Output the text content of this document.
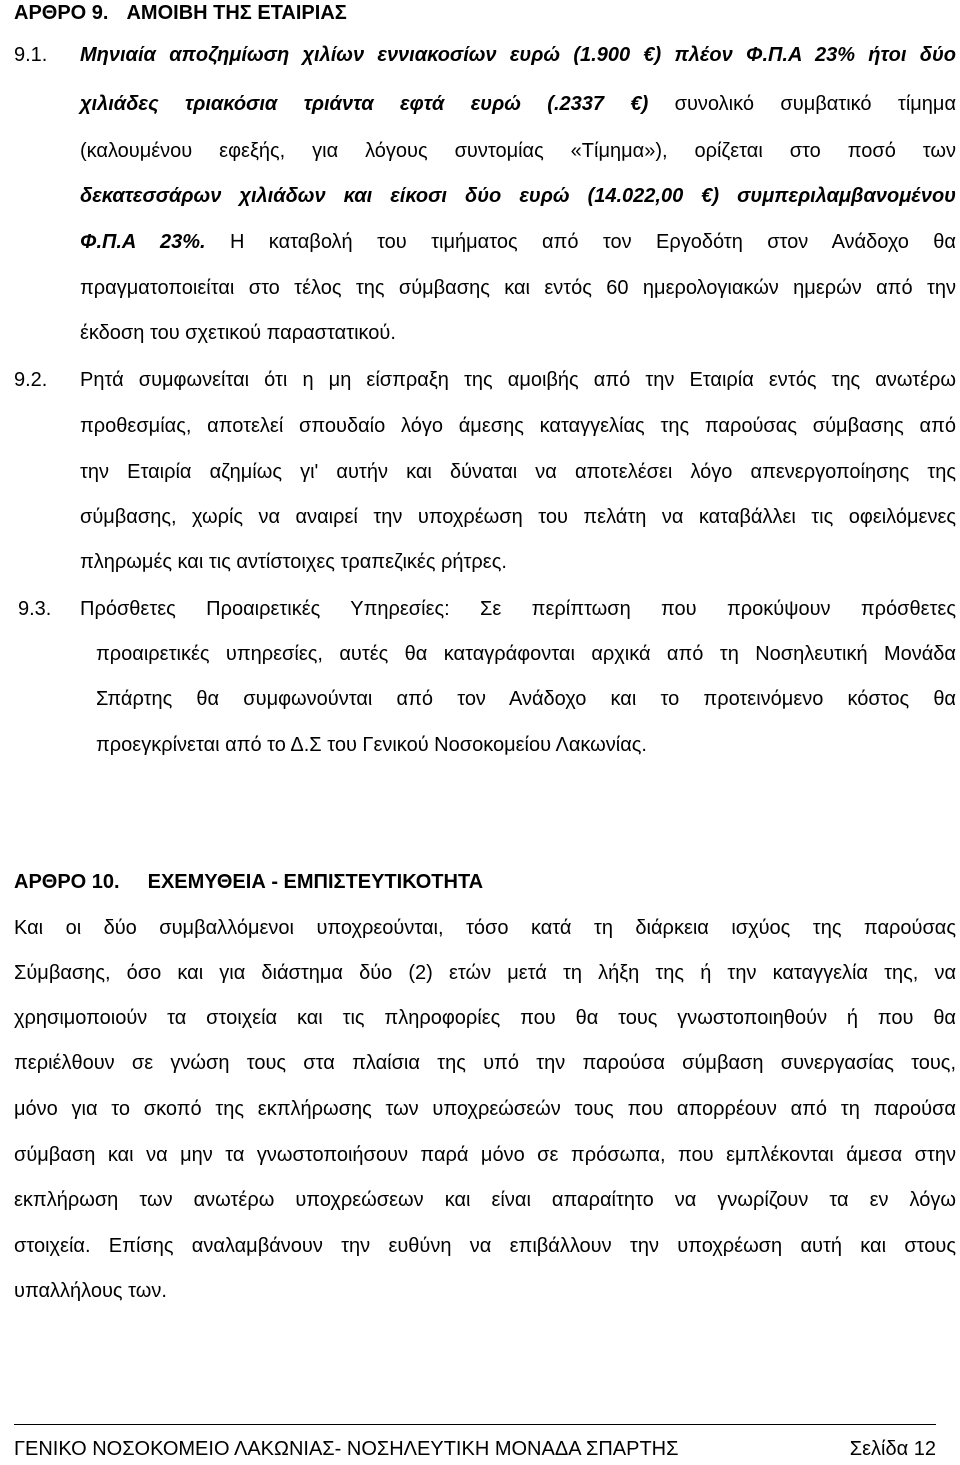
ΑΡΘΡΟ 9. ΑΜΟΙΒΗ ΤΗΣ ΕΤΑΙΡΙΑΣ
9.1. Μηνιαία αποζημίωση χιλίων εννιακοσίων ευρώ (1.900 €) πλέον Φ.Π.Α 23% ήτοι δύο
χιλιάδες τριακόσια τριάντα εφτά ευρώ (.2337 €) συνολικό συμβατικό τίμημα
(καλουμένου εφεξής, για λόγους συντομίας «Τίμημα»), ορίζεται στο ποσό των
δεκατεσσάρων χιλιάδων και είκοσι δύο ευρώ (14.022,00 €) συμπεριλαμβανομένου
Φ.Π.Α 23%. Η καταβολή του τιμήματος από τον Εργοδότη στον Ανάδοχο θα
πραγματοποιείται στο τέλος της σύμβασης και εντός 60 ημερολογιακών ημερών από την
έκδοση του σχετικού παραστατικού.
9.2. Ρητά συμφωνείται ότι η μη είσπραξη της αμοιβής από την Εταιρία εντός της ανωτέρω
προθεσμίας, αποτελεί σπουδαίο λόγο άμεσης καταγγελίας της παρούσας σύμβασης από
την Εταιρία αζημίως γι' αυτήν και δύναται να αποτελέσει λόγο απενεργοποίησης της
σύμβασης, χωρίς να αναιρεί την υποχρέωση του πελάτη να καταβάλλει τις οφειλόμενες
πληρωμές και τις αντίστοιχες τραπεζικές ρήτρες.
9.3. Πρόσθετες Προαιρετικές Υπηρεσίες: Σε περίπτωση που προκύψουν πρόσθετες
προαιρετικές υπηρεσίες, αυτές θα καταγράφονται αρχικά από τη Νοσηλευτική Μονάδα
Σπάρτης θα συμφωνούνται από τον Ανάδοχο και το προτεινόμενο κόστος θα
προεγκρίνεται από το Δ.Σ του Γενικού Νοσοκομείου Λακωνίας.
ΑΡΘΡΟ 10. ΕΧΕΜΥΘΕΙΑ - ΕΜΠΙΣΤΕΥΤΙΚΟΤΗΤΑ
Και οι δύο συμβαλλόμενοι υποχρεούνται, τόσο κατά τη διάρκεια ισχύος της παρούσας
Σύμβασης, όσο και για διάστημα δύο (2) ετών μετά τη λήξη της ή την καταγγελία της, να
χρησιμοποιούν τα στοιχεία και τις πληροφορίες που θα τους γνωστοποιηθούν ή που θα
περιέλθουν σε γνώση τους στα πλαίσια της υπό την παρούσα σύμβαση συνεργασίας τους,
μόνο για το σκοπό της εκπλήρωσης των υποχρεώσεών τους που απορρέουν από τη παρούσα
σύμβαση και να μην τα γνωστοποιήσουν παρά μόνο σε πρόσωπα, που εμπλέκονται άμεσα στην
εκπλήρωση των ανωτέρω υποχρεώσεων και είναι απαραίτητο να γνωρίζουν τα εν λόγω
στοιχεία. Επίσης αναλαμβάνουν την ευθύνη να επιβάλλουν την υποχρέωση αυτή και στους
υπαλλήλους των.
ΓΕΝΙΚΟ ΝΟΣΟΚΟΜΕΙΟ ΛΑΚΩΝΙΑΣ- ΝΟΣΗΛΕΥΤΙΚΗ ΜΟΝΑΔΑ ΣΠΑΡΤΗΣ	Σελίδα 12
